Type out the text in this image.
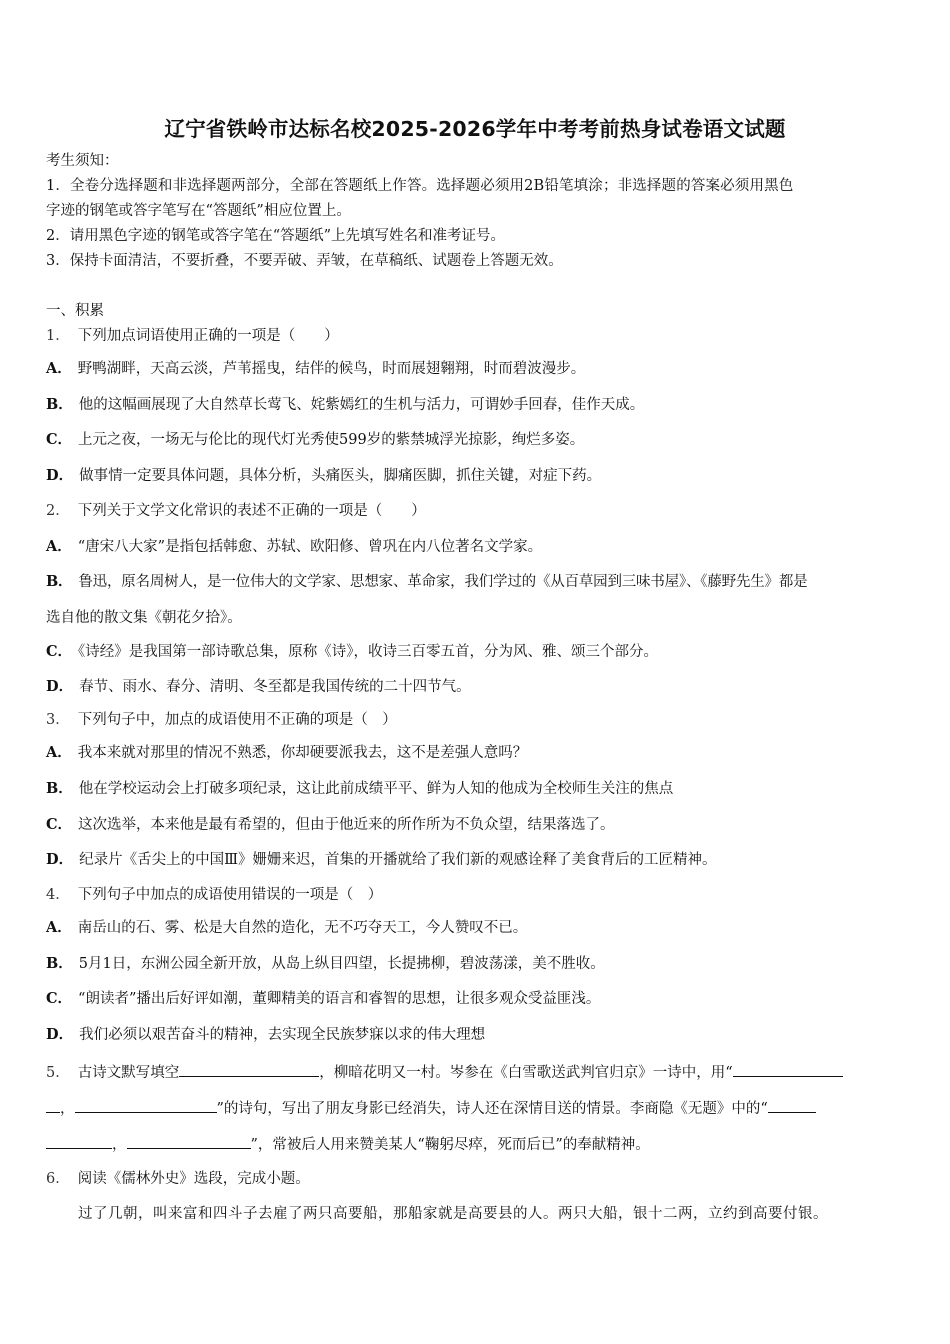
辽宁省铁岭市达标名校2025-2026学年中考考前热身试卷语文试题
考生须知：
1．全卷分选择题和非选择题两部分，全部在答题纸上作答。选择题必须用2B铅笔填涂；非选择题的答案必须用黑色
字迹的钢笔或答字笔写在“答题纸”相应位置上。
2．请用黑色字迹的钢笔或答字笔在“答题纸”上先填写姓名和准考证号。
3．保持卡面清洁，不要折叠，不要弄破、弄皱，在草稿纸、试题卷上答题无效。
一、积累
1． 下列加点词语使用正确的一项是（　　）
A． 野鸭湖畔，天高云淡，芦苇摇曳，结伴的候鸟，时而展翅翱翔，时而碧波漫步。
B． 他的这幅画展现了大自然草长莺飞、姹紫嫣红的生机与活力，可谓妙手回春，佳作天成。
C． 上元之夜，一场无与伦比的现代灯光秀使599岁的紫禁城浮光掠影，绚烂多姿。
D． 做事情一定要具体问题，具体分析，头痛医头，脚痛医脚，抓住关键，对症下药。
2． 下列关于文学文化常识的表述不正确的一项是（　　）
A． “唐宋八大家”是指包括韩愈、苏轼、欧阳修、曾巩在内八位著名文学家。
B． 鲁迅，原名周树人，是一位伟大的文学家、思想家、革命家，我们学过的《从百草园到三味书屋》、《藤野先生》都是
选自他的散文集《朝花夕拾》。
C． 《诗经》是我国第一部诗歌总集，原称《诗》，收诗三百零五首，分为风、雅、颂三个部分。
D． 春节、雨水、春分、清明、冬至都是我国传统的二十四节气。
3． 下列句子中，加点的成语使用不正确的项是（　）
A． 我本来就对那里的情况不熟悉，你却硬要派我去，这不是差强人意吗？
B． 他在学校运动会上打破多项纪录，这让此前成绩平平、鲜为人知的他成为全校师生关注的焦点
C． 这次选举，本来他是最有希望的，但由于他近来的所作所为不负众望，结果落选了。
D． 纪录片《舌尖上的中国Ⅲ》姗姗来迟，首集的开播就给了我们新的观感诠释了美食背后的工匠精神。
4． 下列句子中加点的成语使用错误的一项是（　）
A． 南岳山的石、雾、松是大自然的造化，无不巧夺天工，今人赞叹不已。
B． 5月1日，东洲公园全新开放，从岛上纵目四望，长提拂柳，碧波荡漾，美不胜收。
C． “朗读者”播出后好评如潮，董卿精美的语言和睿智的思想，让很多观众受益匪浅。
D． 我们必须以艰苦奋斗的精神，去实现全民族梦寐以求的伟大理想
5． 古诗文默写填空	，柳暗花明又一村。岑参在《白雪歌送武判官归京》一诗中，用“
，	”的诗句，写出了朋友身影已经消失，诗人还在深情目送的情景。李商隐《无题》中的“
，	”，常被后人用来赞美某人“鞠躬尽瘁，死而后已”的奉献精神。
6． 阅读《儒林外史》选段，完成小题。
过了几朝，叫来富和四斗子去雇了两只高要船，那船家就是高要县的人。两只大船，银十二两，立约到高要付银。
